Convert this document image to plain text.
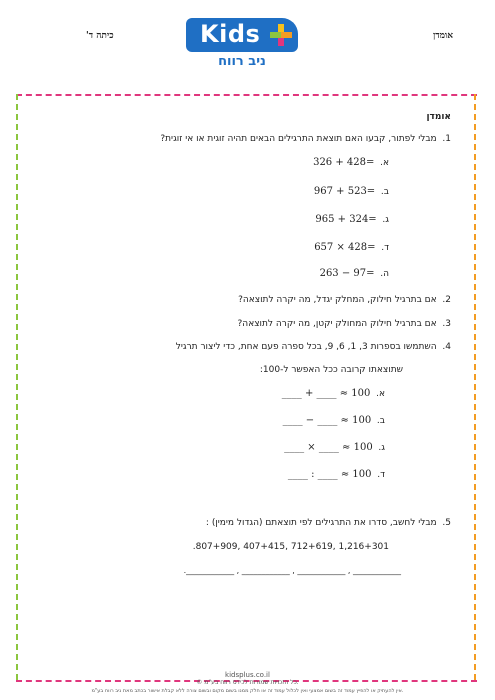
אומדן
כיתה ד'	Kids
ניב רווח
אומדן
1.  מבלי לפתור, קבעו האם תוצאת התרגילים הבאים תהיה זוגית או אי זוגית?
א.  326 + 428=
ב.  967 + 523=
ג.  965 + 324=
ד.  657 × 428=
ה.  263 − 97=
2.  אם בתרגיל חילוק, המחלק יגדל, מה יקרה לתוצאה?
3.  אם בתרגיל חילוק המחולק יקטן, מה יקרה לתוצאה?
4.  השתמשו בספרות 3, 1, 6, 9, בכל ספרה פעם אחת, כדי ליצור תרגיל
שתוצאתו קרובה ככל האפשר ל-100:
א.  100 ≈ ____ + ____
ב.  100 ≈ ____ − ____
ג.  100 ≈ ____ × ____
ד.  100 ≈ ____ : ____
5.  מבלי לחשב, סדרו את התרגילים לפי תוצאתם (הגדול מימין) :
1,216+301 ,712+619 ,407+415 ,807+909.
____________ , ____________ , ____________ , ____________.
kidsplus.co.il
© כל הזכויות שמורות לכידס רווח בע"מ.
אין להעתיק או להפיץ עמוד זה בשום אמצעי ואין לכלול עמוד זה או חלק ממנו בשום מקום ובשום צורה ללא קבלת אישור בכתב מאת ניב רווח בע"מ.
